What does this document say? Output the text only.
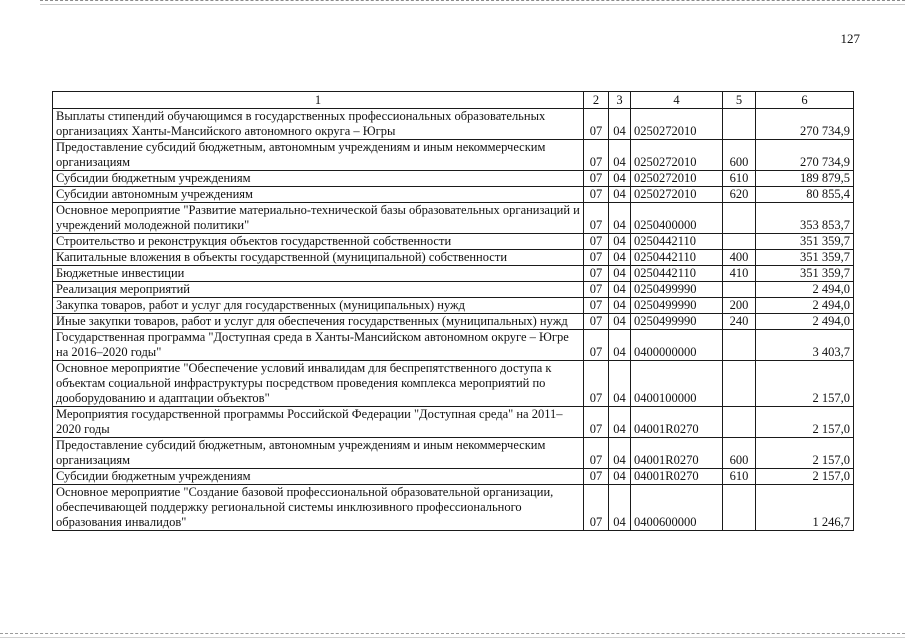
127
1	2	3	4	5	6
Выплаты стипендий обучающимся в государственных профессиональных образовательных организациях Ханты-Мансийского автономного округа – Югры	07	04	0250272010		270 734,9
Предоставление субсидий бюджетным, автономным учреждениям и иным некоммерческим организациям	07	04	0250272010	600	270 734,9
Субсидии бюджетным учреждениям	07	04	0250272010	610	189 879,5
Субсидии автономным учреждениям	07	04	0250272010	620	80 855,4
Основное мероприятие "Развитие материально-технической базы образовательных организаций и учреждений молодежной политики"	07	04	0250400000		353 853,7
Строительство и реконструкция объектов государственной собственности	07	04	0250442110		351 359,7
Капитальные вложения в объекты государственной (муниципальной) собственности	07	04	0250442110	400	351 359,7
Бюджетные инвестиции	07	04	0250442110	410	351 359,7
Реализация мероприятий	07	04	0250499990		2 494,0
Закупка товаров, работ и услуг для государственных (муниципальных) нужд	07	04	0250499990	200	2 494,0
Иные закупки товаров, работ и услуг для обеспечения государственных (муниципальных) нужд	07	04	0250499990	240	2 494,0
Государственная программа "Доступная среда в Ханты-Мансийском автономном округе – Югре на 2016–2020 годы"	07	04	0400000000		3 403,7
Основное мероприятие "Обеспечение условий инвалидам для беспрепятственного доступа к объектам социальной инфраструктуры посредством проведения комплекса мероприятий по дооборудованию и адаптации объектов"	07	04	0400100000		2 157,0
Мероприятия государственной программы Российской Федерации "Доступная среда" на 2011–2020 годы	07	04	04001R0270		2 157,0
Предоставление субсидий бюджетным, автономным учреждениям и иным некоммерческим организациям	07	04	04001R0270	600	2 157,0
Субсидии бюджетным учреждениям	07	04	04001R0270	610	2 157,0
Основное мероприятие "Создание базовой профессиональной образовательной организации, обеспечивающей поддержку региональной системы инклюзивного профессионального образования инвалидов"	07	04	0400600000		1 246,7
